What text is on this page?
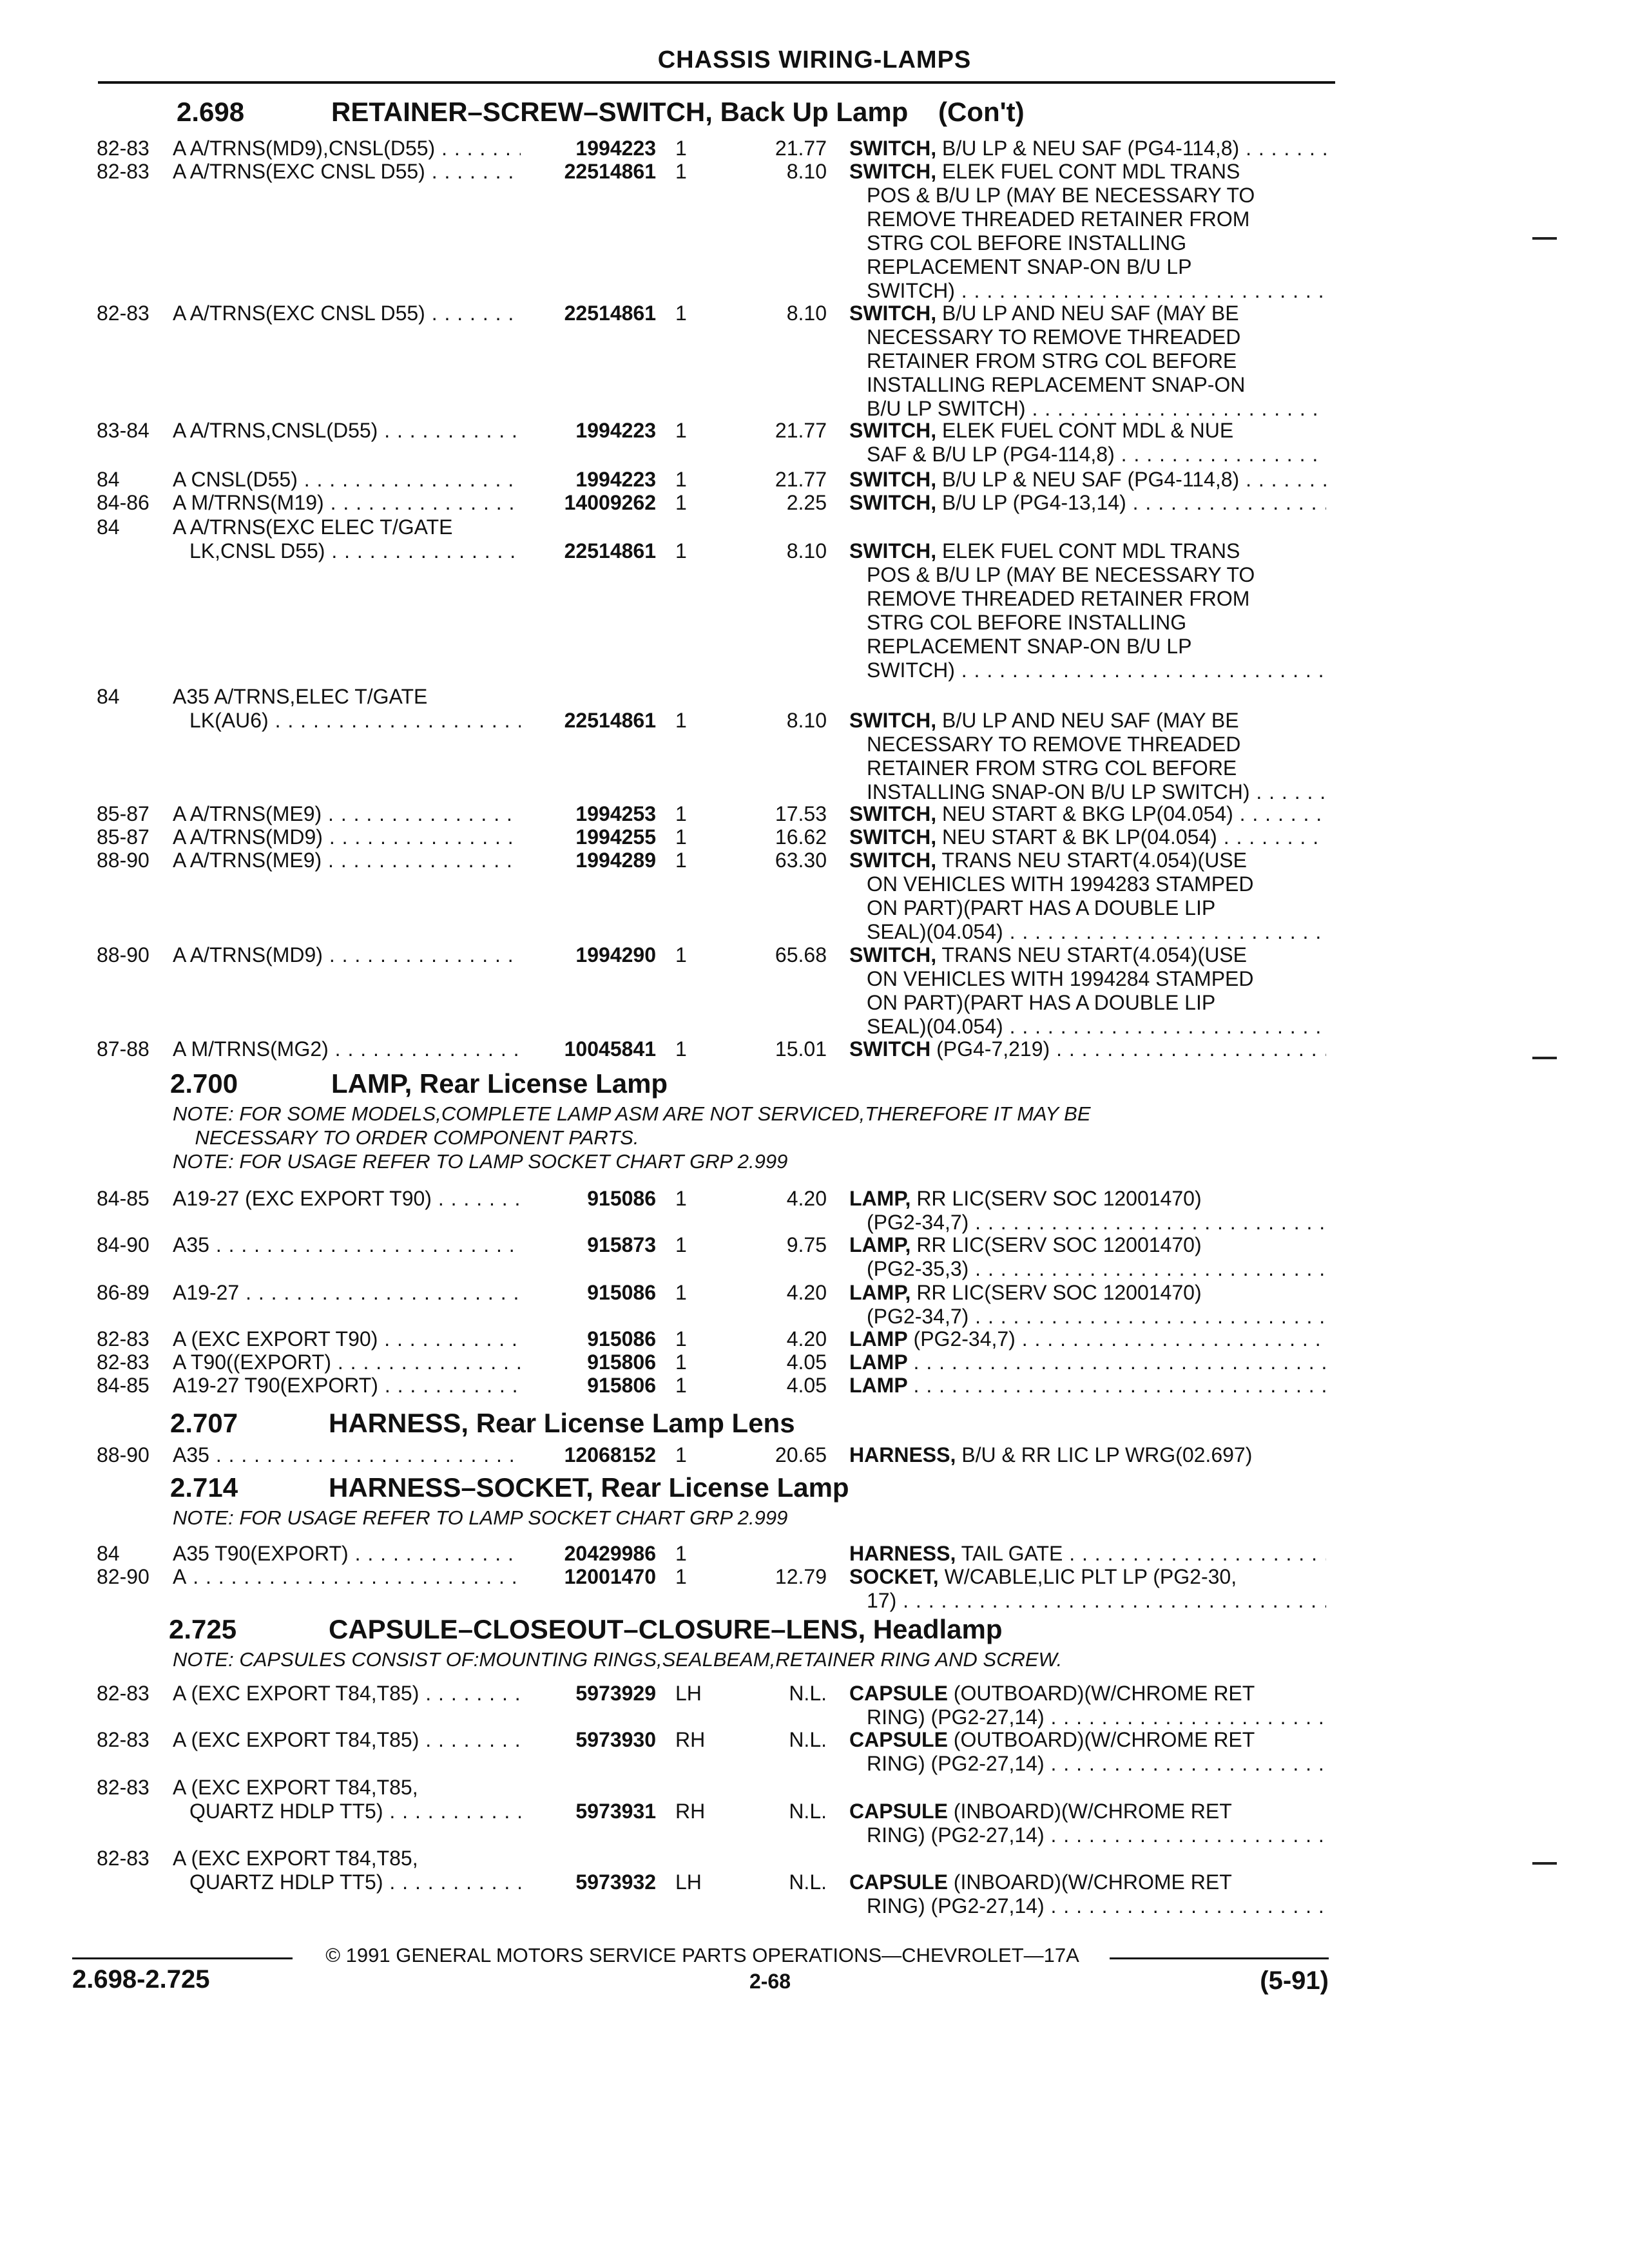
CHASSIS WIRING-LAMPS
2.698	RETAINER–SCREW–SWITCH, Back Up Lamp    (Con't)
82-83 A A/TRNS(MD9),CNSL(D55) . . .	1994223 1	21.77 SWITCH, B/U LP & NEU SAF (PG4-114,8) . . .
82-83 A A/TRNS(EXC CNSL D55) . . .	22514861 1	8.10 SWITCH, ELEK FUEL CONT MDL TRANS
POS & B/U LP (MAY BE NECESSARY TO
REMOVE THREADED RETAINER FROM
STRG COL BEFORE INSTALLING
REPLACEMENT SNAP-ON B/U LP
SWITCH) . . .
82-83 A A/TRNS(EXC CNSL D55) . . .	22514861 1	8.10 SWITCH, B/U LP AND NEU SAF (MAY BE
NECESSARY TO REMOVE THREADED
RETAINER FROM STRG COL BEFORE
INSTALLING REPLACEMENT SNAP-ON
B/U LP SWITCH) . . .
83-84 A A/TRNS,CNSL(D55) . . .	1994223 1	21.77 SWITCH, ELEK FUEL CONT MDL & NUE
SAF & B/U LP (PG4-114,8) . . .
84	A CNSL(D55) . . .	1994223 1	21.77 SWITCH, B/U LP & NEU SAF (PG4-114,8) . . .
84-86 A M/TRNS(M19) . . .	14009262 1	2.25 SWITCH, B/U LP (PG4-13,14) . . .
84	A A/TRNS(EXC ELEC T/GATE
LK,CNSL D55) . . .	22514861 1	8.10 SWITCH, ELEK FUEL CONT MDL TRANS
POS & B/U LP (MAY BE NECESSARY TO
REMOVE THREADED RETAINER FROM
STRG COL BEFORE INSTALLING
REPLACEMENT SNAP-ON B/U LP
SWITCH) . . .
84	A35 A/TRNS,ELEC T/GATE
LK(AU6) . . .	22514861 1	8.10 SWITCH, B/U LP AND NEU SAF (MAY BE
NECESSARY TO REMOVE THREADED
RETAINER FROM STRG COL BEFORE
INSTALLING SNAP-ON B/U LP SWITCH) . . .
85-87 A A/TRNS(ME9) . . .	1994253 1	17.53 SWITCH, NEU START & BKG LP(04.054) . . .
85-87 A A/TRNS(MD9) . . .	1994255 1	16.62 SWITCH, NEU START & BK LP(04.054) . . .
88-90 A A/TRNS(ME9) . . .	1994289 1	63.30 SWITCH, TRANS NEU START(4.054)(USE
ON VEHICLES WITH 1994283 STAMPED
ON PART)(PART HAS A DOUBLE LIP
SEAL)(04.054) . . .
88-90 A A/TRNS(MD9) . . .	1994290 1	65.68 SWITCH, TRANS NEU START(4.054)(USE
ON VEHICLES WITH 1994284 STAMPED
ON PART)(PART HAS A DOUBLE LIP
SEAL)(04.054) . . .
87-88 A M/TRNS(MG2) . . .	10045841 1	15.01 SWITCH (PG4-7,219) . . .
2.700	LAMP, Rear License Lamp
NOTE: FOR SOME MODELS,COMPLETE LAMP ASM ARE NOT SERVICED,THEREFORE IT MAY BE
NECESSARY TO ORDER COMPONENT PARTS.
NOTE: FOR USAGE REFER TO LAMP SOCKET CHART GRP 2.999
84-85 A19-27 (EXC EXPORT T90) . . .	915086 1	4.20 LAMP, RR LIC(SERV SOC 12001470)
(PG2-34,7) . . .
84-90 A35 . . .	915873 1	9.75 LAMP, RR LIC(SERV SOC 12001470)
(PG2-35,3) . . .
86-89 A19-27 . . .	915086 1	4.20 LAMP, RR LIC(SERV SOC 12001470)
(PG2-34,7) . . .
82-83 A (EXC EXPORT T90) . . .	915086 1	4.20 LAMP (PG2-34,7) . . .
82-83 A T90((EXPORT) . . .	915806 1	4.05 LAMP . . .
84-85 A19-27 T90(EXPORT) . . .	915806 1	4.05 LAMP . . .
2.707	HARNESS, Rear License Lamp Lens
88-90 A35 . . .	12068152 1	20.65 HARNESS, B/U & RR LIC LP WRG(02.697)
2.714	HARNESS–SOCKET, Rear License Lamp
NOTE: FOR USAGE REFER TO LAMP SOCKET CHART GRP 2.999
84	A35 T90(EXPORT) . . .	20429986 1	HARNESS, TAIL GATE . . .
82-90 A . . .	12001470 1	12.79 SOCKET, W/CABLE,LIC PLT LP (PG2-30,
17) . . .
2.725	CAPSULE–CLOSEOUT–CLOSURE–LENS, Headlamp
NOTE: CAPSULES CONSIST OF:MOUNTING RINGS,SEALBEAM,RETAINER RING AND SCREW.
82-83 A (EXC EXPORT T84,T85) . . .	5973929 LH	N.L. CAPSULE (OUTBOARD)(W/CHROME RET
RING) (PG2-27,14) . . .
82-83 A (EXC EXPORT T84,T85) . . .	5973930 RH	N.L. CAPSULE (OUTBOARD)(W/CHROME RET
RING) (PG2-27,14) . . .
82-83 A (EXC EXPORT T84,T85,
QUARTZ HDLP TT5) . . .	5973931 RH	N.L. CAPSULE (INBOARD)(W/CHROME RET
RING) (PG2-27,14) . . .
82-83 A (EXC EXPORT T84,T85,
QUARTZ HDLP TT5) . . .	5973932 LH	N.L. CAPSULE (INBOARD)(W/CHROME RET
RING) (PG2-27,14) . . .
© 1991 GENERAL MOTORS SERVICE PARTS OPERATIONS—CHEVROLET—17A
2.698-2.725	2-68	(5-91)
